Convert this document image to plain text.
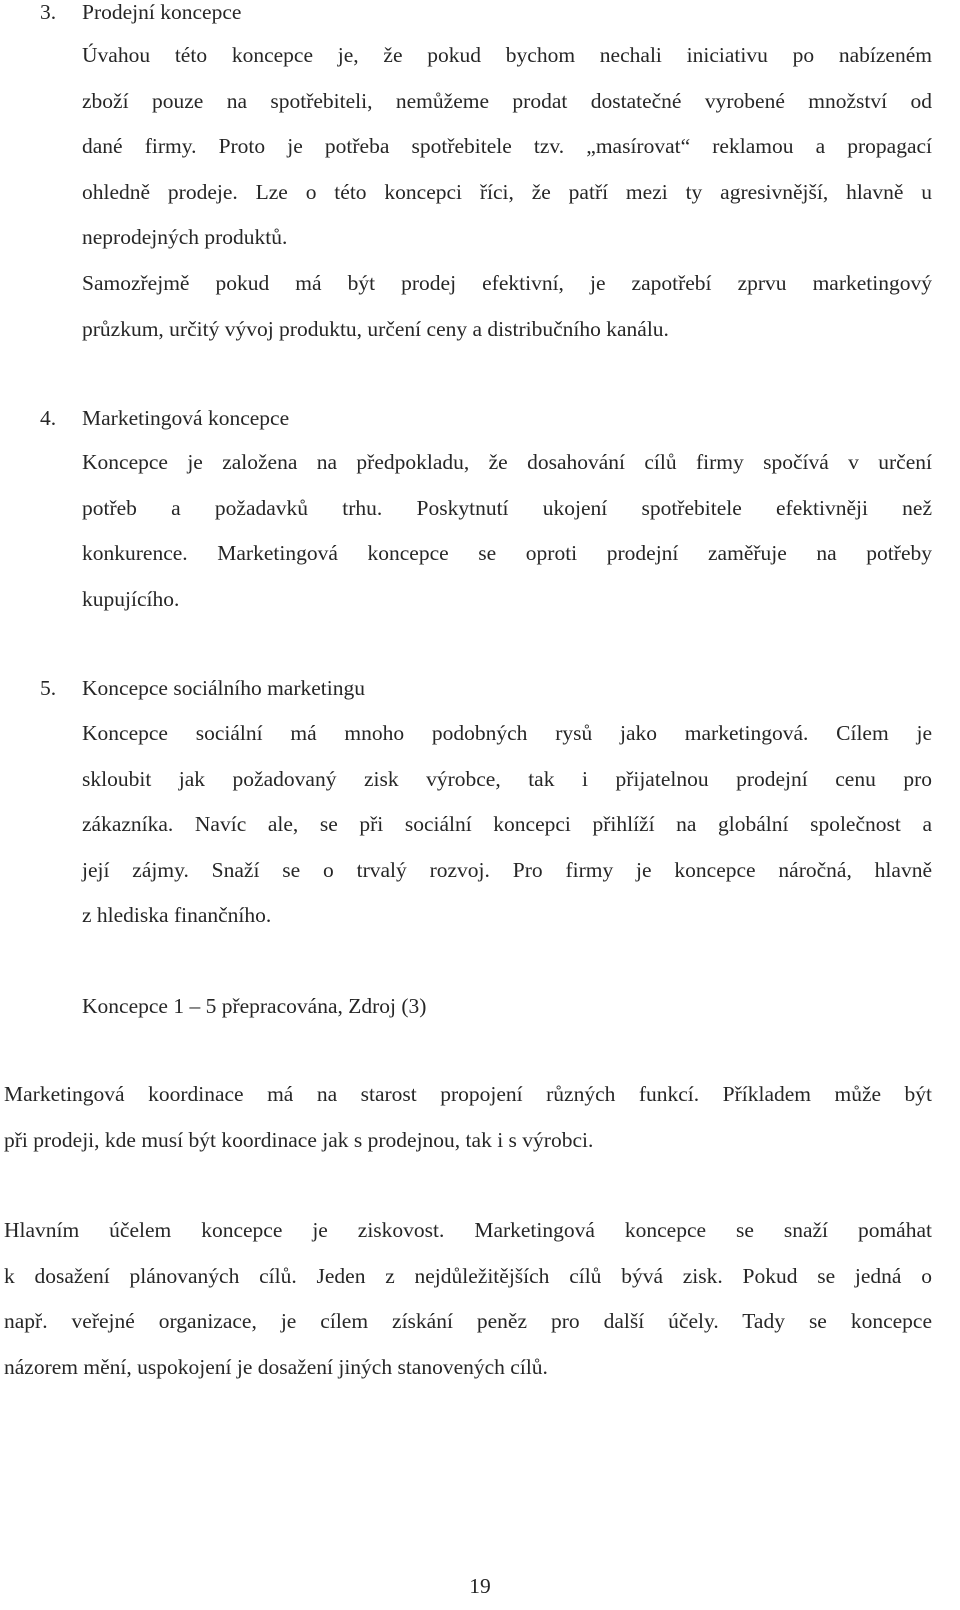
3. Prodejní koncepce
Úvahou této koncepce je, že pokud bychom nechali iniciativu po nabízeném
zboží pouze na spotřebiteli, nemůžeme prodat dostatečné vyrobené množství od
dané firmy. Proto je potřeba spotřebitele tzv. „masírovat“ reklamou a propagací
ohledně prodeje. Lze o této koncepci říci, že patří mezi ty agresivnější, hlavně u
neprodejných produktů.
Samozřejmě pokud má být prodej efektivní, je zapotřebí zprvu marketingový
průzkum, určitý vývoj produktu, určení ceny a distribučního kanálu.
4. Marketingová koncepce
Koncepce je založena na předpokladu, že dosahování cílů firmy spočívá v určení
potřeb a požadavků trhu. Poskytnutí ukojení spotřebitele efektivněji než
konkurence. Marketingová koncepce se oproti prodejní zaměřuje na potřeby
kupujícího.
5. Koncepce sociálního marketingu
Koncepce sociální má mnoho podobných rysů jako marketingová. Cílem je
skloubit jak požadovaný zisk výrobce, tak i přijatelnou prodejní cenu pro
zákazníka. Navíc ale, se při sociální koncepci přihlíží na globální společnost a
její zájmy. Snaží se o trvalý rozvoj. Pro firmy je koncepce náročná, hlavně
z hlediska finančního.
Koncepce 1 – 5 přepracována, Zdroj (3)
Marketingová koordinace má na starost propojení různých funkcí. Příkladem může být
při prodeji, kde musí být koordinace jak s prodejnou, tak i s výrobci.
Hlavním účelem koncepce je ziskovost. Marketingová koncepce se snaží pomáhat
k dosažení plánovaných cílů. Jeden z nejdůležitějších cílů bývá zisk. Pokud se jedná o
např. veřejné organizace, je cílem získání peněz pro další účely. Tady se koncepce
názorem mění, uspokojení je dosažení jiných stanovených cílů.
19
